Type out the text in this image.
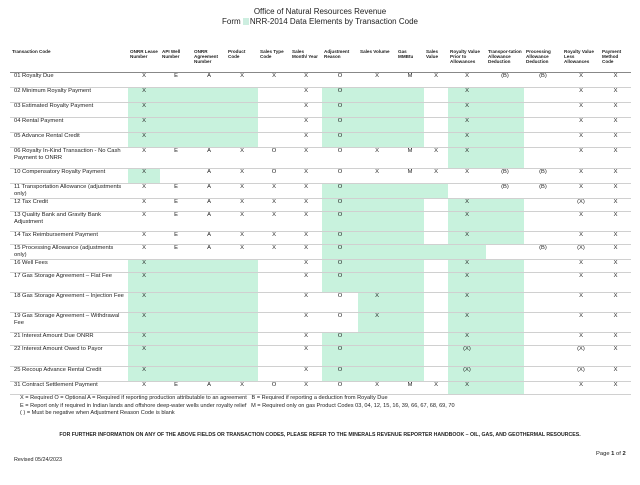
Office of Natural Resources Revenue
Form NRR-2014 Data Elements by Transaction Code
Transaction Code	ONRR Lease Number	API Well Number	ONRR Agreement Number	Product Code	Sales Type Code	Sales Month/ Year	Adjustment Reason	Sales Volume	Gas MMBtu	Sales Value	Royalty Value Prior to Allowances	Transpor-tation Allowance Deduction	Processing Allowance Deduction	Royalty Value Less Allowances	Payment Method Code
01 Royalty Due	X	E	A	X	X	X	O	X	M	X	X	(B)	(B)	X	X
02 Minimum Royalty Payment	X					X	O				X			X	X
03 Estimated Royalty Payment	X					X	O				X			X	X
04 Rental Payment	X					X	O				X			X	X
05 Advance Rental Credit	X					X	O				X			X	X
06 Royalty In-Kind Transaction - No Cash Payment to ONRR	X	E	A	X	O	X	O	X	M	X	X			X	X
10 Compensatory Royalty Payment	X		A	X	O	X	O	X	M	X	X	(B)	(B)	X	X
11 Transportation Allowance (adjustments only)	X	E	A	X	X	X	O					(B)	(B)	X	X
12 Tax Credit	X	E	A	X	X	X	O				X			(X)	X
13 Quality Bank and Gravity Bank Adjustment	X	E	A	X	X	X	O				X			X	X
14 Tax Reimbursement Payment	X	E	A	X	X	X	O				X			X	X
15 Processing Allowance (adjustments only)	X	E	A	X	X	X	O						(B)	(X)	X
16 Well Fees	X					X	O				X			X	X
17 Gas Storage Agreement – Flat Fee	X					X	O				X			X	X
18 Gas Storage Agreement – Injection Fee	X					X	O	X			X			X	X
19 Gas Storage Agreement – Withdrawal Fee	X					X	O	X			X			X	X
21 Interest Amount Due ONRR	X					X	O				X			X	X
22 Interest Amount Owed to Payor	X					X	O				(X)			(X)	X
25 Recoup Advance Rental Credit	X					X	O				(X)			(X)	X
31 Contract Settlement Payment	X	E	A	X	O	X	O	X	M	X	X			X	X
X = Required O = Optional A = Required if reporting production attributable to an agreement B = Required if reporting a deduction from Royalty Due
E = Report only if required in Indian lands and offshore deep-water wells under royalty relief M = Required only on gas Product Codes 03, 04, 12, 15, 16, 39, 66, 67, 68, 69, 70
( ) = Must be negative when Adjustment Reason Code is blank
FOR FURTHER INFORMATION ON ANY OF THE ABOVE FIELDS OR TRANSACTION CODES, PLEASE REFER TO THE MINERALS REVENUE REPORTER HANDBOOK – OIL, GAS, AND GEOTHERMAL RESOURCES.
Revised 05/24/2023
Page 1 of 2
